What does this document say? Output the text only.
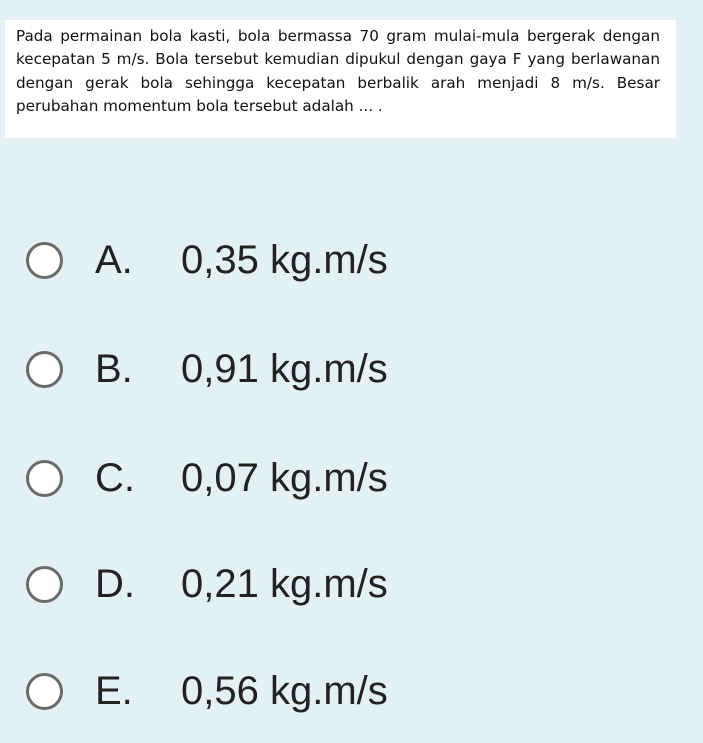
Pada permainan bola kasti, bola bermassa 70 gram mulai-mula bergerak dengan kecepatan 5 m/s. Bola tersebut kemudian dipukul dengan gaya F yang berlawanan dengan gerak bola sehingga kecepatan berbalik arah menjadi 8 m/s. Besar perubahan momentum bola tersebut adalah ... .

A. 0,35 kg.m/s
B. 0,91 kg.m/s
C. 0,07 kg.m/s
D. 0,21 kg.m/s
E. 0,56 kg.m/s
